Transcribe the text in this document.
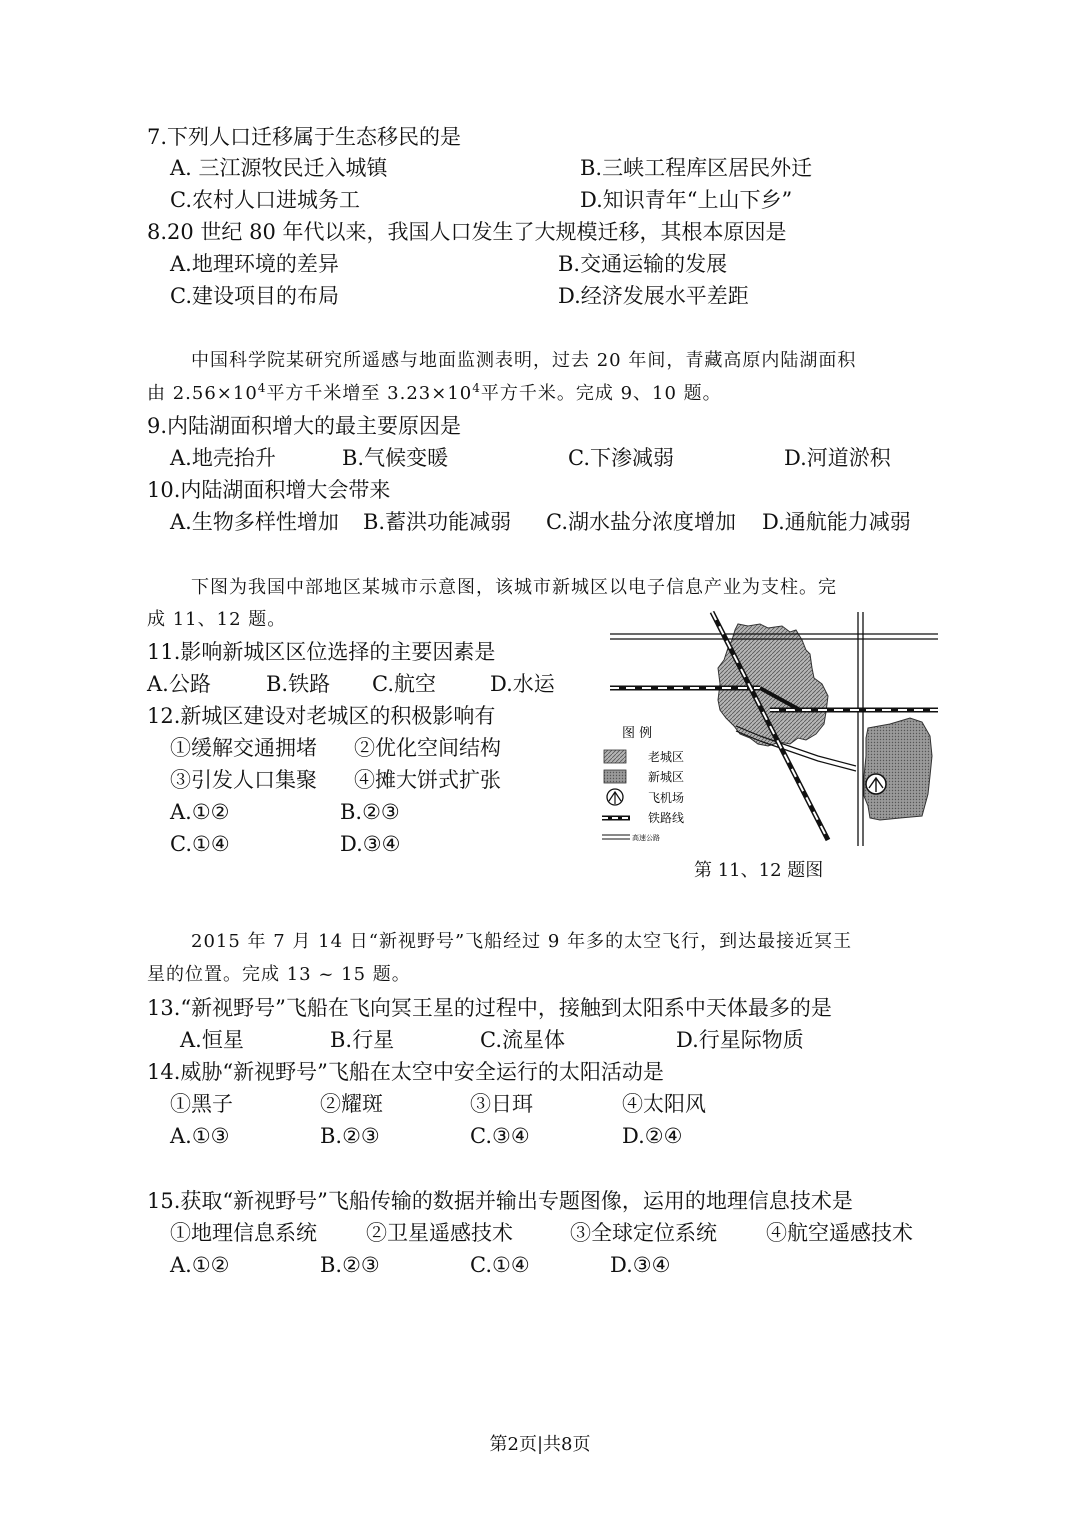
7.下列人口迁移属于生态移民的是
A. 三江源牧民迁入城镇	B.三峡工程库区居民外迁
C.农村人口进城务工	D.知识青年“上山下乡”
8.20 世纪 80 年代以来，我国人口发生了大规模迁移，其根本原因是
A.地理环境的差异	B.交通运输的发展
C.建设项目的布局	D.经济发展水平差距
中国科学院某研究所遥感与地面监测表明，过去 20 年间，青藏高原内陆湖面积
由 $2.56\times 10^4$平方千米增至 $3.23\times 10^4$平方千米。完成 9、10 题。
9.内陆湖面积增大的最主要原因是
A.地壳抬升	B.气候变暖	C.下渗减弱	D.河道淤积
10.内陆湖面积增大会带来
A.生物多样性增加 B.蓄洪功能减弱 C.湖水盐分浓度增加 D.通航能力减弱
下图为我国中部地区某城市示意图，该城市新城区以电子信息产业为支柱。完
成 11、12 题。
11.影响新城区区位选择的主要因素是
A.公路	B.铁路 C.航空	D.水运
12.新城区建设对老城区的积极影响有
①缓解交通拥堵 ②优化空间结构
③引发人口集聚 ④摊大饼式扩张
A.①②	B.②③
C.①④	D.③④
图 例
老城区
新城区
飞机场
铁路线
高速公路
第 11、12 题图
2015 年 7 月 14 日“新视野号”飞船经过 9 年多的太空飞行，到达最接近冥王
星的位置。完成 13 ~ 15 题。
13.“新视野号”飞船在飞向冥王星的过程中，接触到太阳系中天体最多的是
A.恒星	B.行星	C.流星体	D.行星际物质
14.威胁“新视野号”飞船在太空中安全运行的太阳活动是
①黑子	②耀斑	③日珥	④太阳风
A.①③	B.②③	C.③④	D.②④
15.获取“新视野号”飞船传输的数据并输出专题图像，运用的地理信息技术是
①地理信息系统 ②卫星遥感技术	③全球定位系统 ④航空遥感技术
A.①②	B.②③	C.①④	D.③④
第2页|共8页
